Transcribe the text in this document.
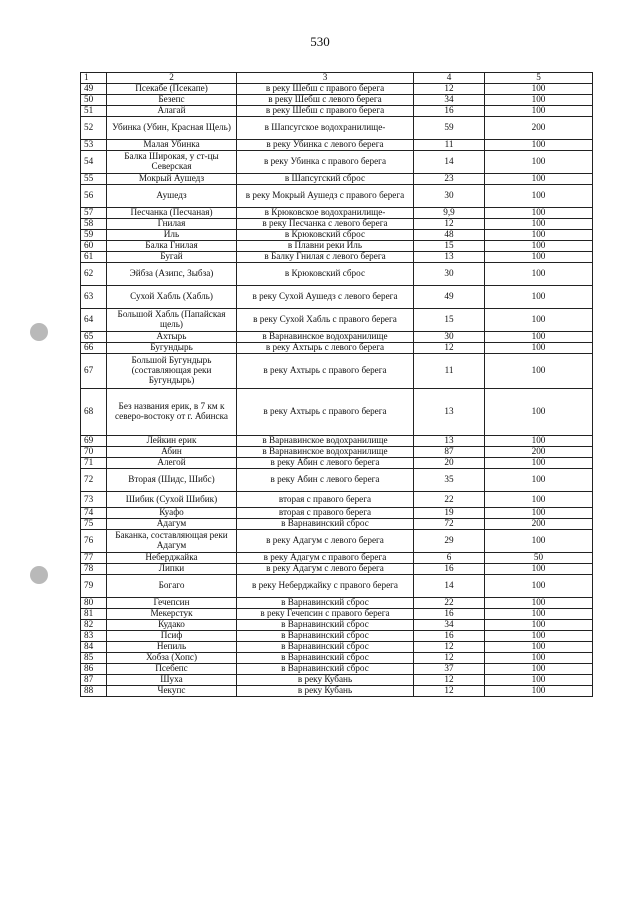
530
1	2	3	4	5
49	Псекабе (Псекапе)	в реку Шебш с правого берега	12	100
50	Безепс	в реку Шебш с левого берега	34	100
51	Алагай	в реку Шебш с правого берега	16	100
52	Убинка (Убин, Красная Щель)	в Шапсугское водохранилище-	59	200
53	Малая Убинка	в реку Убинка с левого берега	11	100
54	Балка Широкая, у ст-цы Северская	в реку Убинка с правого берега	14	100
55	Мокрый Аушедз	в Шапсугский сброс	23	100
56	Аушедз	в реку Мокрый Аушедз с правого берега	30	100
57	Песчанка (Песчаная)	в Крюковское водохранилище-	9,9	100
58	Гнилая	в реку Песчанка с левого берега	12	100
59	Иль	в Крюковский сброс	48	100
60	Балка Гнилая	в Плавни реки Иль	15	100
61	Бугай	в Балку Гнилая с левого берега	13	100
62	Эйбза (Азипс, Зыбза)	в Крюковский сброс	30	100
63	Сухой Хабль (Хабль)	в реку Сухой Аушедз с левого берега	49	100
64	Большой Хабль (Папайская щель)	в реку Сухой Хабль с правого берега	15	100
65	Ахтырь	в Варнавинское водохранилище	30	100
66	Бугундырь	в реку Ахтырь с левого берега	12	100
67	Большой Бугундырь (составляющая реки Бугундырь)	в реку Ахтырь с правого берега	11	100
68	Без названия ерик, в 7 км к северо-востоку от г. Абинска	в реку Ахтырь с правого берега	13	100
69	Лейкин ерик	в Варнавинское водохранилище	13	100
70	Абин	в Варнавинское водохранилище	87	200
71	Алегой	в реку Абин с левого берега	20	100
72	Вторая (Шидс, Шибс)	в реку Абин с левого берега	35	100
73	Шибик (Сухой Шибик)	вторая с правого берега	22	100
74	Куафо	вторая с правого берега	19	100
75	Адагум	в Варнавинский сброс	72	200
76	Баканка, составляющая реки Адагум	в реку Адагум с левого берега	29	100
77	Неберджайка	в реку Адагум с правого берега	6	50
78	Липки	в реку Адагум с левого берега	16	100
79	Богаго	в реку Неберджайку с правого берега	14	100
80	Гечепсин	в Варнавинский сброс	22	100
81	Мекерстук	в реку Гечепсин с правого берега	16	100
82	Кудако	в Варнавинский сброс	34	100
83	Псиф	в Варнавинский сброс	16	100
84	Непиль	в Варнавинский сброс	12	100
85	Хобза (Хопс)	в Варнавинский сброс	12	100
86	Псебепс	в Варнавинский сброс	37	100
87	Шуха	в реку Кубань	12	100
88	Чекупс	в реку Кубань	12	100
